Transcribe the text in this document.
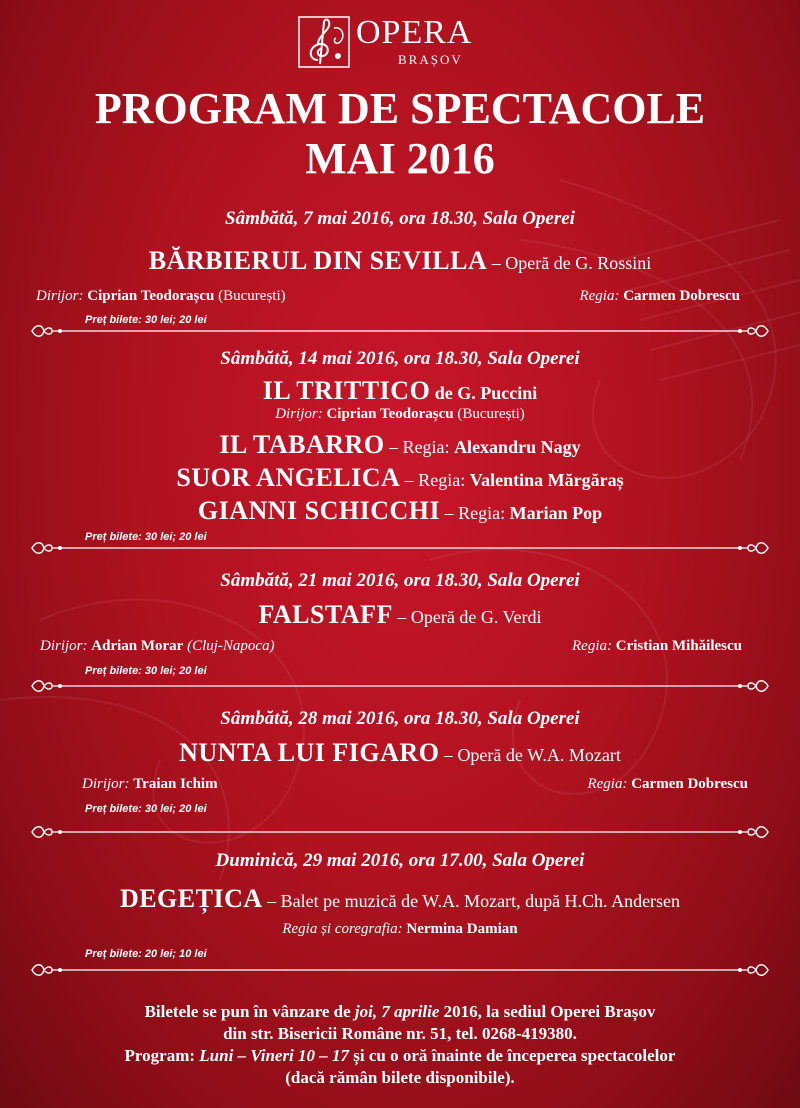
OPERA
BRAȘOV
PROGRAM DE SPECTACOLE
MAI 2016
Sâmbătă, 7 mai 2016, ora 18.30, Sala Operei
BĂRBIERUL DIN SEVILLA – Operă de G. Rossini
Dirijor: Ciprian Teodorașcu (București)	Regia: Carmen Dobrescu
Preț bilete: 30 lei; 20 lei
Sâmbătă, 14 mai 2016, ora 18.30, Sala Operei
IL TRITTICO de G. Puccini
Dirijor: Ciprian Teodorașcu (București)
IL TABARRO – Regia: Alexandru Nagy
SUOR ANGELICA – Regia: Valentina Mărgăraș
GIANNI SCHICCHI – Regia: Marian Pop
Preț bilete: 30 lei; 20 lei
Sâmbătă, 21 mai 2016, ora 18.30, Sala Operei
FALSTAFF – Operă de G. Verdi
Dirijor: Adrian Morar (Cluj-Napoca)	Regia: Cristian Mihăilescu
Preț bilete: 30 lei; 20 lei
Sâmbătă, 28 mai 2016, ora 18.30, Sala Operei
NUNTA LUI FIGARO – Operă de W.A. Mozart
Dirijor: Traian Ichim	Regia: Carmen Dobrescu
Preț bilete: 30 lei; 20 lei
Duminică, 29 mai 2016, ora 17.00, Sala Operei
DEGEȚICA – Balet pe muzică de W.A. Mozart, după H.Ch. Andersen
Regia și coregrafia: Nermina Damian
Preț bilete: 20 lei; 10 lei
Biletele se pun în vânzare de joi, 7 aprilie 2016, la sediul Operei Brașov
din str. Bisericii Române nr. 51, tel. 0268-419380.
Program: Luni – Vineri 10 – 17 și cu o oră înainte de începerea spectacolelor
(dacă rămân bilete disponibile).
